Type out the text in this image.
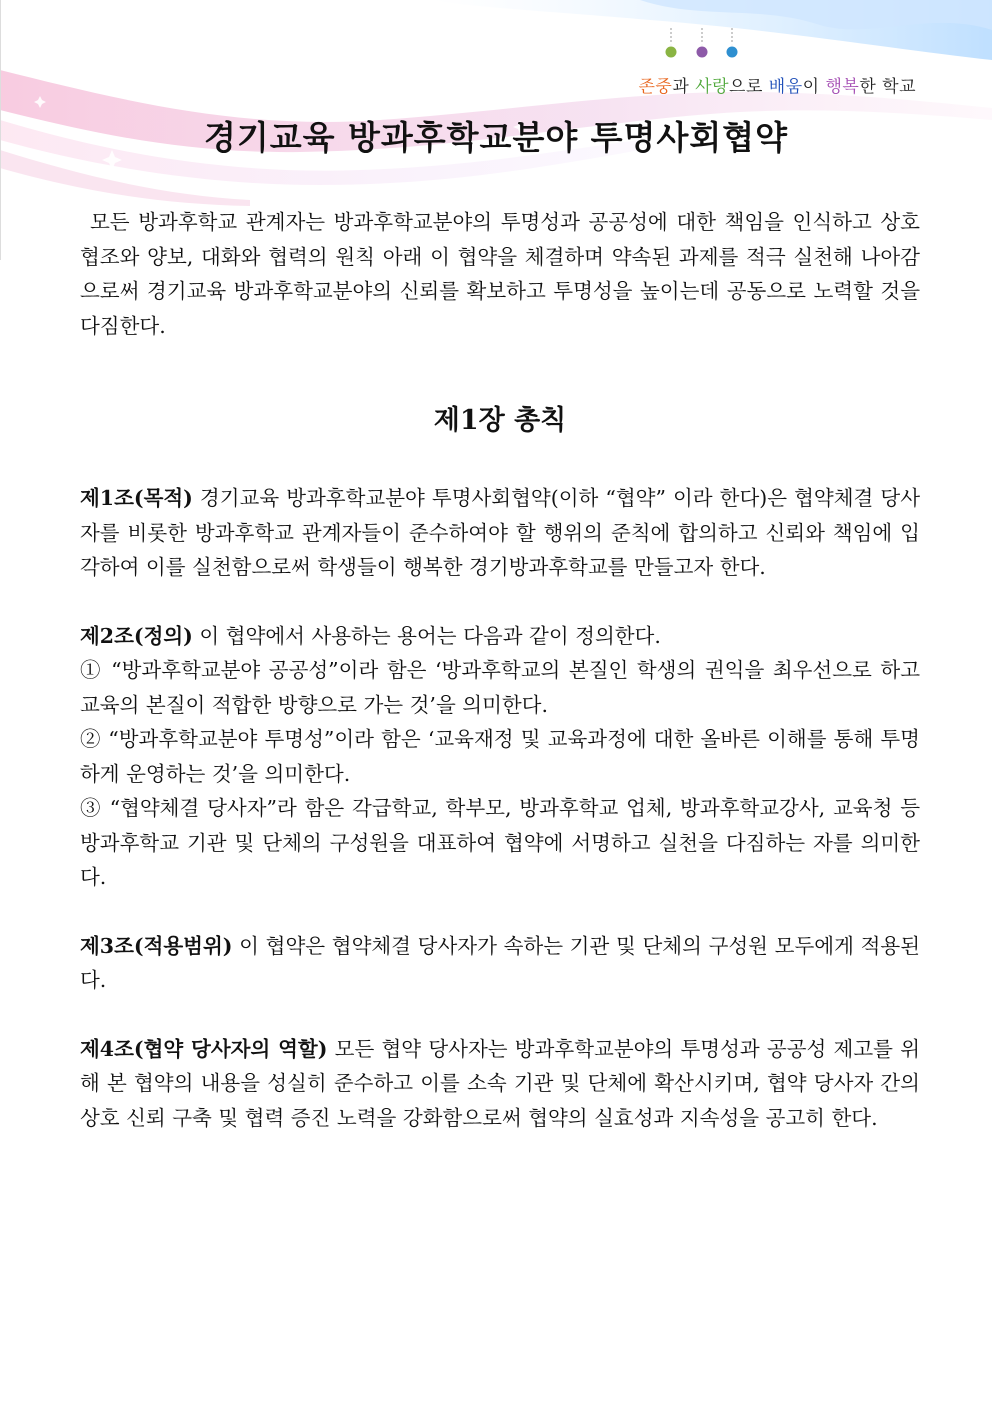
존중과 사랑으로 배움이 행복한 학교
경기교육 방과후학교분야 투명사회협약

모든 방과후학교 관계자는 방과후학교분야의 투명성과 공공성에 대한 책임을 인식하고 상호 협조와 양보, 대화와 협력의 원칙 아래 이 협약을 체결하며 약속된 과제를 적극 실천해 나아감으로써 경기교육 방과후학교분야의 신뢰를 확보하고 투명성을 높이는데 공동으로 노력할 것을 다짐한다.

제1장 총칙

제1조(목적) 경기교육 방과후학교분야 투명사회협약(이하 “협약” 이라 한다)은 협약체결 당사자를 비롯한 방과후학교 관계자들이 준수하여야 할 행위의 준칙에 합의하고 신뢰와 책임에 입각하여 이를 실천함으로써 학생들이 행복한 경기방과후학교를 만들고자 한다.

제2조(정의) 이 협약에서 사용하는 용어는 다음과 같이 정의한다.

① “방과후학교분야 공공성”이라 함은 ‘방과후학교의 본질인 학생의 권익을 최우선으로 하고 교육의 본질이 적합한 방향으로 가는 것’을 의미한다.

② “방과후학교분야 투명성”이라 함은 ‘교육재정 및 교육과정에 대한 올바른 이해를 통해 투명하게 운영하는 것’을 의미한다.

③ “협약체결 당사자”라 함은 각급학교, 학부모, 방과후학교 업체, 방과후학교강사, 교육청 등 방과후학교 기관 및 단체의 구성원을 대표하여 협약에 서명하고 실천을 다짐하는 자를 의미한다.

제3조(적용범위) 이 협약은 협약체결 당사자가 속하는 기관 및 단체의 구성원 모두에게 적용된다.

제4조(협약 당사자의 역할) 모든 협약 당사자는 방과후학교분야의 투명성과 공공성 제고를 위해 본 협약의 내용을 성실히 준수하고 이를 소속 기관 및 단체에 확산시키며, 협약 당사자 간의 상호 신뢰 구축 및 협력 증진 노력을 강화함으로써 협약의 실효성과 지속성을 공고히 한다.
